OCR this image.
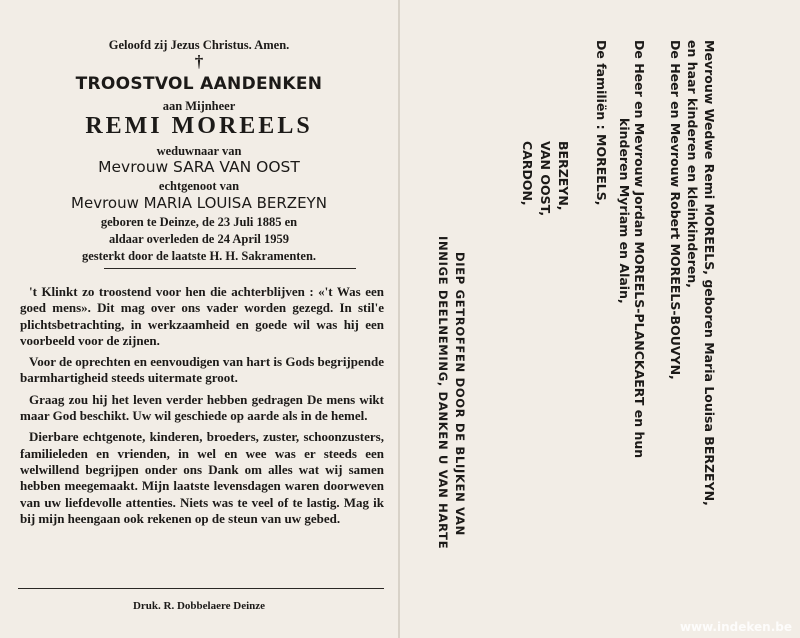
Geloofd zij Jezus Christus. Amen.
†
TROOSTVOL AANDENKEN
aan Mijnheer
REMI MOREELS
weduwnaar van
Mevrouw SARA VAN OOST
echtgenoot van
Mevrouw MARIA LOUISA BERZEYN
geboren te Deinze, de 23 Juli 1885 en
aldaar overleden de 24 April 1959
gesterkt door de laatste H. H. Sakramenten.

't Klinkt zo troostend voor hen die achterblijven : «'t Was een goed mens». Dit mag over ons vader worden gezegd. In stil'e plichtsbetrachting, in werkzaamheid en goede wil was hij een voorbeeld voor de zijnen.

Voor de oprechten en eenvoudigen van hart is Gods begrijpende barmhartigheid steeds uitermate groot.

Graag zou hij het leven verder hebben gedragen De mens wikt maar God beschikt. Uw wil geschiede op aarde als in de hemel.

Dierbare echtgenote, kinderen, broeders, zuster, schoonzusters, familieleden en vrienden, in wel en wee was er steeds een welwillend begrijpen onder ons Dank om alles wat wij samen hebben meegemaakt. Mijn laatste levensdagen waren doorweven van uw liefdevolle attenties. Niets was te veel of te lastig. Mag ik bij mijn heengaan ook rekenen op de steun van uw gebed.

Druk. R. Dobbelaere Deinze
Mevrouw Wedwe Remi MOREELS, geboren Maria Louisa BERZEYN,
en haar kinderen en kleinkinderen,
De Heer en Mevrouw Robert MOREELS-BOUVYN,
De Heer en Mevrouw Jordan MOREELS-PLANCKAERT en hun
kinderen Myriam en Alain,
De familiën : MOREELS,
BERZEYN,
VAN OOST,
CARDON,
DIEP GETROFFEN DOOR DE BLIJKEN VAN
INNIGE DEELNEMING, DANKEN U VAN HARTE
www.indeken.be
